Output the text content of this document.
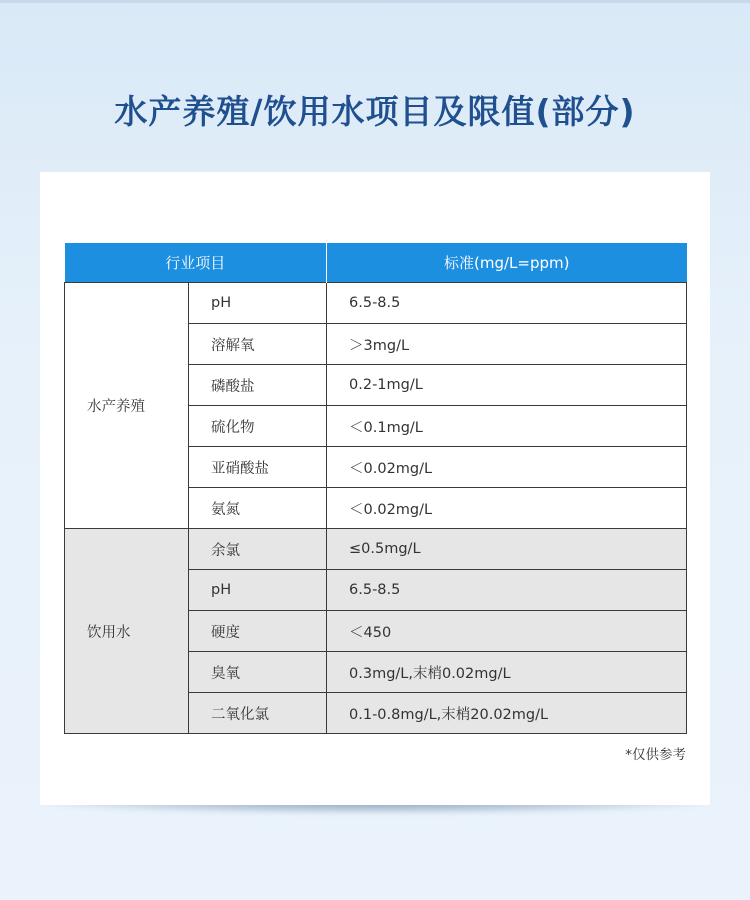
水产养殖/饮用水项目及限值(部分)
行业项目		标准(mg/L=ppm)
水产养殖	pH	6.5-8.5
	溶解氧	＞3mg/L
	磷酸盐	0.2-1mg/L
	硫化物	＜0.1mg/L
	亚硝酸盐	＜0.02mg/L
	氨氮	＜0.02mg/L
饮用水	余氯	≤0.5mg/L
	pH	6.5-8.5
	硬度	＜450
	臭氧	0.3mg/L,末梢0.02mg/L
	二氧化氯	0.1-0.8mg/L,末梢20.02mg/L
*仅供参考
